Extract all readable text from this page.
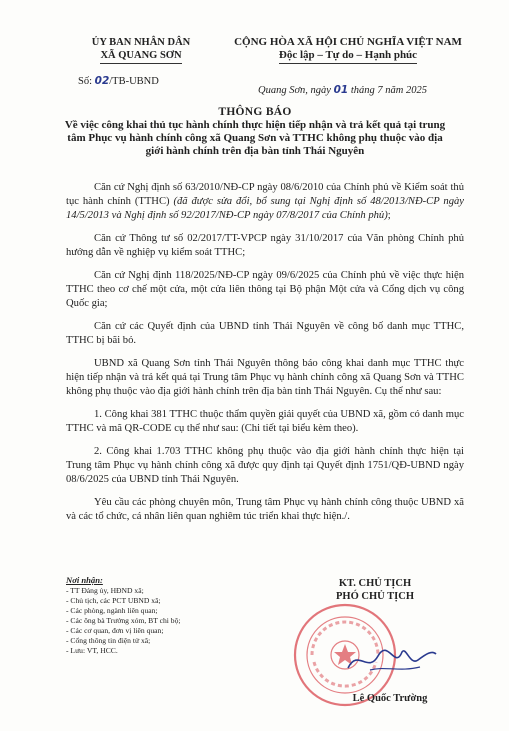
ỦY BAN NHÂN DÂN
XÃ QUANG SƠN
Số: 02/TB-UBND
CỘNG HÒA XÃ HỘI CHỦ NGHĨA VIỆT NAM
Độc lập – Tự do – Hạnh phúc
Quang Sơn, ngày 01 tháng 7 năm 2025
THÔNG BÁO
Về việc công khai thủ tục hành chính thực hiện tiếp nhận và trả kết quả tại trung tâm Phục vụ hành chính công xã Quang Sơn và TTHC không phụ thuộc vào địa giới hành chính trên địa bàn tỉnh Thái Nguyên

Căn cứ Nghị định số 63/2010/NĐ-CP ngày 08/6/2010 của Chính phủ về Kiểm soát thủ tục hành chính (TTHC) (đã được sửa đổi, bổ sung tại Nghị định số 48/2013/NĐ-CP ngày 14/5/2013 và Nghị định số 92/2017/NĐ-CP ngày 07/8/2017 của Chính phủ);

Căn cứ Thông tư số 02/2017/TT-VPCP ngày 31/10/2017 của Văn phòng Chính phủ hướng dẫn về nghiệp vụ kiểm soát TTHC;

Căn cứ Nghị định 118/2025/NĐ-CP ngày 09/6/2025 của Chính phủ về việc thực hiện TTHC theo cơ chế một cửa, một cửa liên thông tại Bộ phận Một cửa và Cổng dịch vụ công Quốc gia;

Căn cứ các Quyết định của UBND tỉnh Thái Nguyên về công bố danh mục TTHC, TTHC bị bãi bỏ.

UBND xã Quang Sơn tỉnh Thái Nguyên thông báo công khai danh mục TTHC thực hiện tiếp nhận và trả kết quả tại Trung tâm Phục vụ hành chính công xã Quang Sơn và TTHC không phụ thuộc vào địa giới hành chính trên địa bàn tỉnh Thái Nguyên. Cụ thể như sau:

1. Công khai 381 TTHC thuộc thẩm quyền giải quyết của UBND xã, gồm có danh mục TTHC và mã QR-CODE cụ thể như sau: (Chi tiết tại biểu kèm theo).

2. Công khai 1.703 TTHC không phụ thuộc vào địa giới hành chính thực hiện tại Trung tâm Phục vụ hành chính công xã được quy định tại Quyết định 1751/QĐ-UBND ngày 08/6/2025 của UBND tỉnh Thái Nguyên.

Yêu cầu các phòng chuyên môn, Trung tâm Phục vụ hành chính công thuộc UBND xã và các tổ chức, cá nhân liên quan nghiêm túc triển khai thực hiện./.

Nơi nhận:
- TT Đảng ủy, HĐND xã;
- Chủ tịch, các PCT UBND xã;
- Các phòng, ngành liên quan;
- Các ông bà Trưởng xóm, BT chi bộ;
- Các cơ quan, đơn vị liên quan;
- Cổng thông tin điện tử xã;
- Lưu: VT, HCC.
KT. CHỦ TỊCH
PHÓ CHỦ TỊCH
Lê Quốc Trường
